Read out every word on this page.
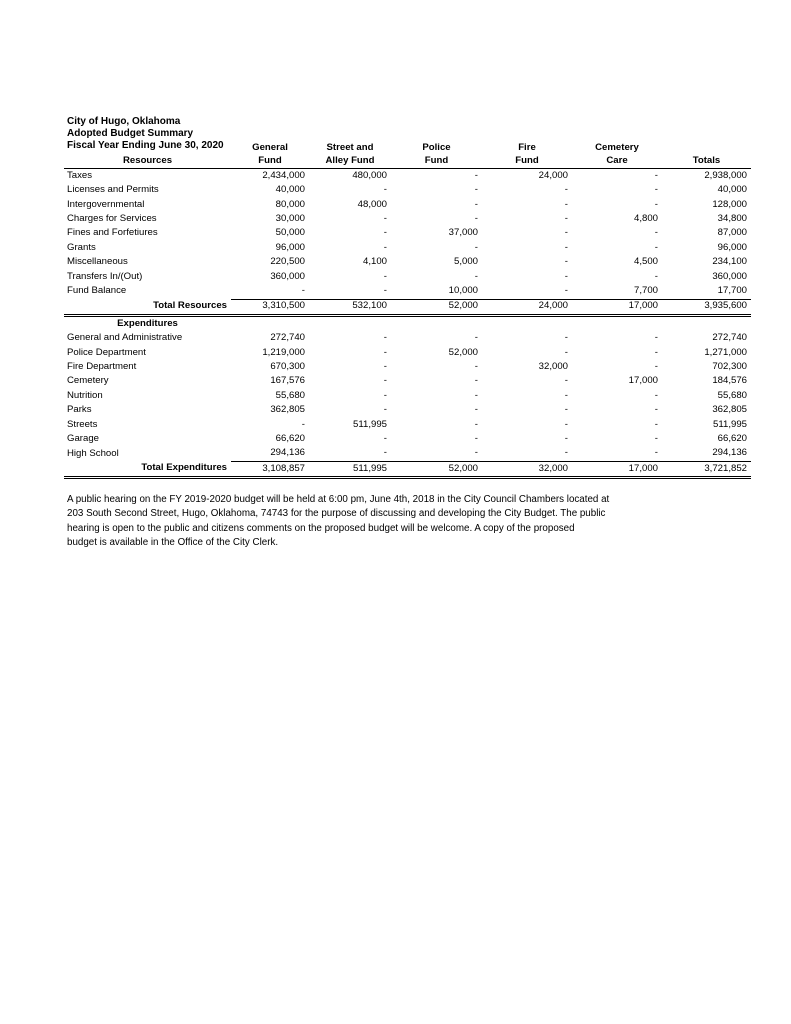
City of Hugo, Oklahoma
Adopted Budget Summary
Fiscal Year Ending June 30, 2020
		General	Street and	Police	Fire	Cemetery	
Resources	Fund	Alley Fund	Fund	Fund	Care	Totals
Taxes	2,434,000	480,000	-	24,000	-	2,938,000
Licenses and Permits	40,000	-	-	-	-	40,000
Intergovernmental	80,000	48,000	-	-	-	128,000
Charges for Services	30,000	-	-	-	4,800	34,800
Fines and Forfetiures	50,000	-	37,000	-	-	87,000
Grants	96,000	-	-	-	-	96,000
Miscellaneous	220,500	4,100	5,000	-	4,500	234,100
Transfers In/(Out)	360,000	-	-	-	-	360,000
Fund Balance	-	-	10,000	-	7,700	17,700
Total Resources	3,310,500	532,100	52,000	24,000	17,000	3,935,600
Expenditures						
General and Administrative	272,740	-	-	-	-	272,740
Police Department	1,219,000	-	52,000	-	-	1,271,000
Fire Department	670,300	-	-	32,000	-	702,300
Cemetery	167,576	-	-	-	17,000	184,576
Nutrition	55,680	-	-	-	-	55,680
Parks	362,805	-	-	-	-	362,805
Streets	-	511,995	-	-	-	511,995
Garage	66,620	-	-	-	-	66,620
High School	294,136	-	-	-	-	294,136
Total Expenditures	3,108,857	511,995	52,000	32,000	17,000	3,721,852
A public hearing on the FY 2019-2020 budget will be held at 6:00 pm, June 4th, 2018 in the City Council Chambers located at
203 South Second Street, Hugo, Oklahoma, 74743 for the purpose of discussing and developing the City Budget. The public
hearing is open to the public and citizens comments on the proposed budget will be welcome. A copy of the proposed
budget is available in the Office of the City Clerk.
